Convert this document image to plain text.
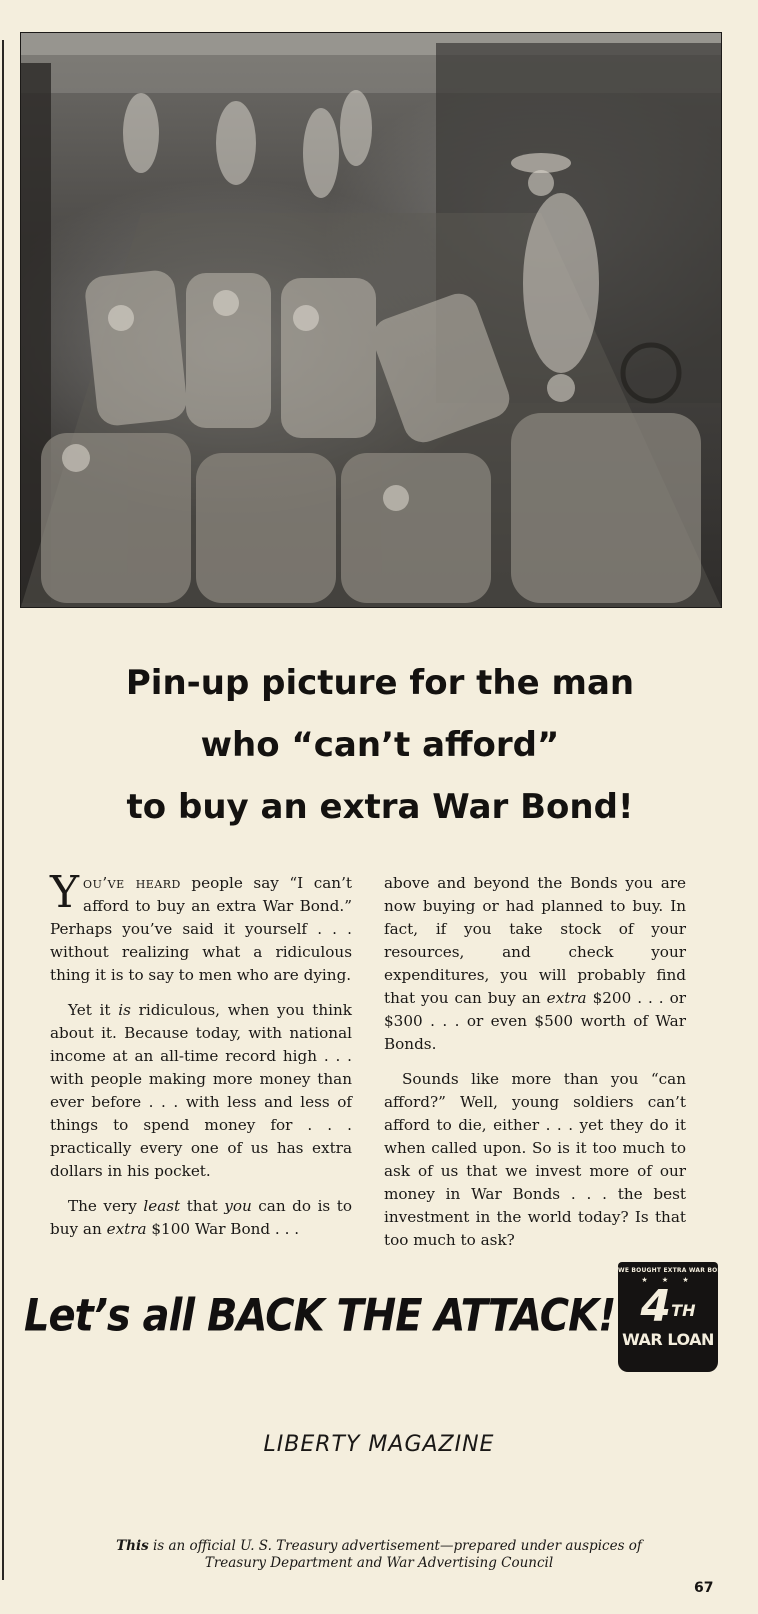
Pin-up picture for the man
who “can’t afford”
to buy an extra War Bond!

You’ve heard people say “I can’t afford to buy an extra War Bond.” Perhaps you’ve said it yourself . . . without realizing what a ridiculous thing it is to say to men who are dying.

Yet it is ridiculous, when you think about it. Because today, with national income at an all-time record high . . . with people making more money than ever before . . . with less and less of things to spend money for . . . practically every one of us has extra dollars in his pocket.

The very least that you can do is to buy an extra $100 War Bond . . .

above and beyond the Bonds you are now buying or had planned to buy. In fact, if you take stock of your resources, and check your expenditures, you will probably find that you can buy an extra $200 . . . or $300 . . . or even $500 worth of War Bonds.

Sounds like more than you “can afford?” Well, young soldiers can’t afford to die, either . . . yet they do it when called upon. So is it too much to ask of us that we invest more of our money in War Bonds . . . the best investment in the world today? Is that too much to ask?

Let’s all BACK THE ATTACK!
WE BOUGHT EXTRA WAR BONDS
★ ★ ★
4TH
WAR LOAN
LIBERTY MAGAZINE
This is an official U. S. Treasury advertisement—prepared under auspices of
Treasury Department and War Advertising Council
67
